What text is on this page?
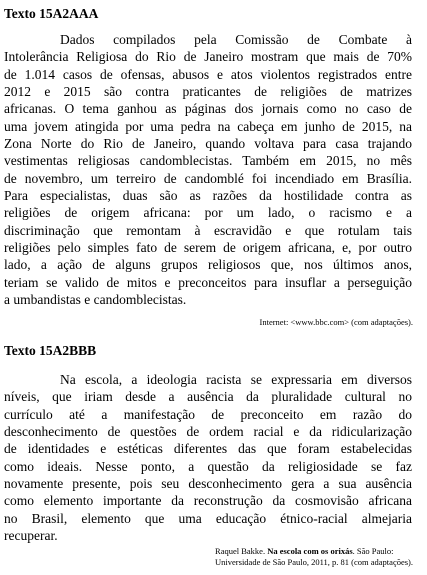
Texto 15A2AAA
Dados compilados pela Comissão de Combate à
Intolerância Religiosa do Rio de Janeiro mostram que mais de 70%
de 1.014 casos de ofensas, abusos e atos violentos registrados entre
2012 e 2015 são contra praticantes de religiões de matrizes
africanas. O tema ganhou as páginas dos jornais como no caso de
uma jovem atingida por uma pedra na cabeça em junho de 2015, na
Zona Norte do Rio de Janeiro, quando voltava para casa trajando
vestimentas religiosas candomblecistas. Também em 2015, no mês
de novembro, um terreiro de candomblé foi incendiado em Brasília.
Para especialistas, duas são as razões da hostilidade contra as
religiões de origem africana: por um lado, o racismo e a
discriminação que remontam à escravidão e que rotulam tais
religiões pelo simples fato de serem de origem africana, e, por outro
lado, a ação de alguns grupos religiosos que, nos últimos anos,
teriam se valido de mitos e preconceitos para insuflar a perseguição
a umbandistas e candomblecistas.
Internet: <www.bbc.com> (com adaptações).
Texto 15A2BBB
Na escola, a ideologia racista se expressaria em diversos
níveis, que iriam desde a ausência da pluralidade cultural no
currículo até a manifestação de preconceito em razão do
desconhecimento de questões de ordem racial e da ridicularização
de identidades e estéticas diferentes das que foram estabelecidas
como ideais. Nesse ponto, a questão da religiosidade se faz
novamente presente, pois seu desconhecimento gera a sua ausência
como elemento importante da reconstrução da cosmovisão africana
no Brasil, elemento que uma educação étnico-racial almejaria
recuperar.
Raquel Bakke. Na escola com os orixás. São Paulo:
Universidade de São Paulo, 2011, p. 81 (com adaptações).
